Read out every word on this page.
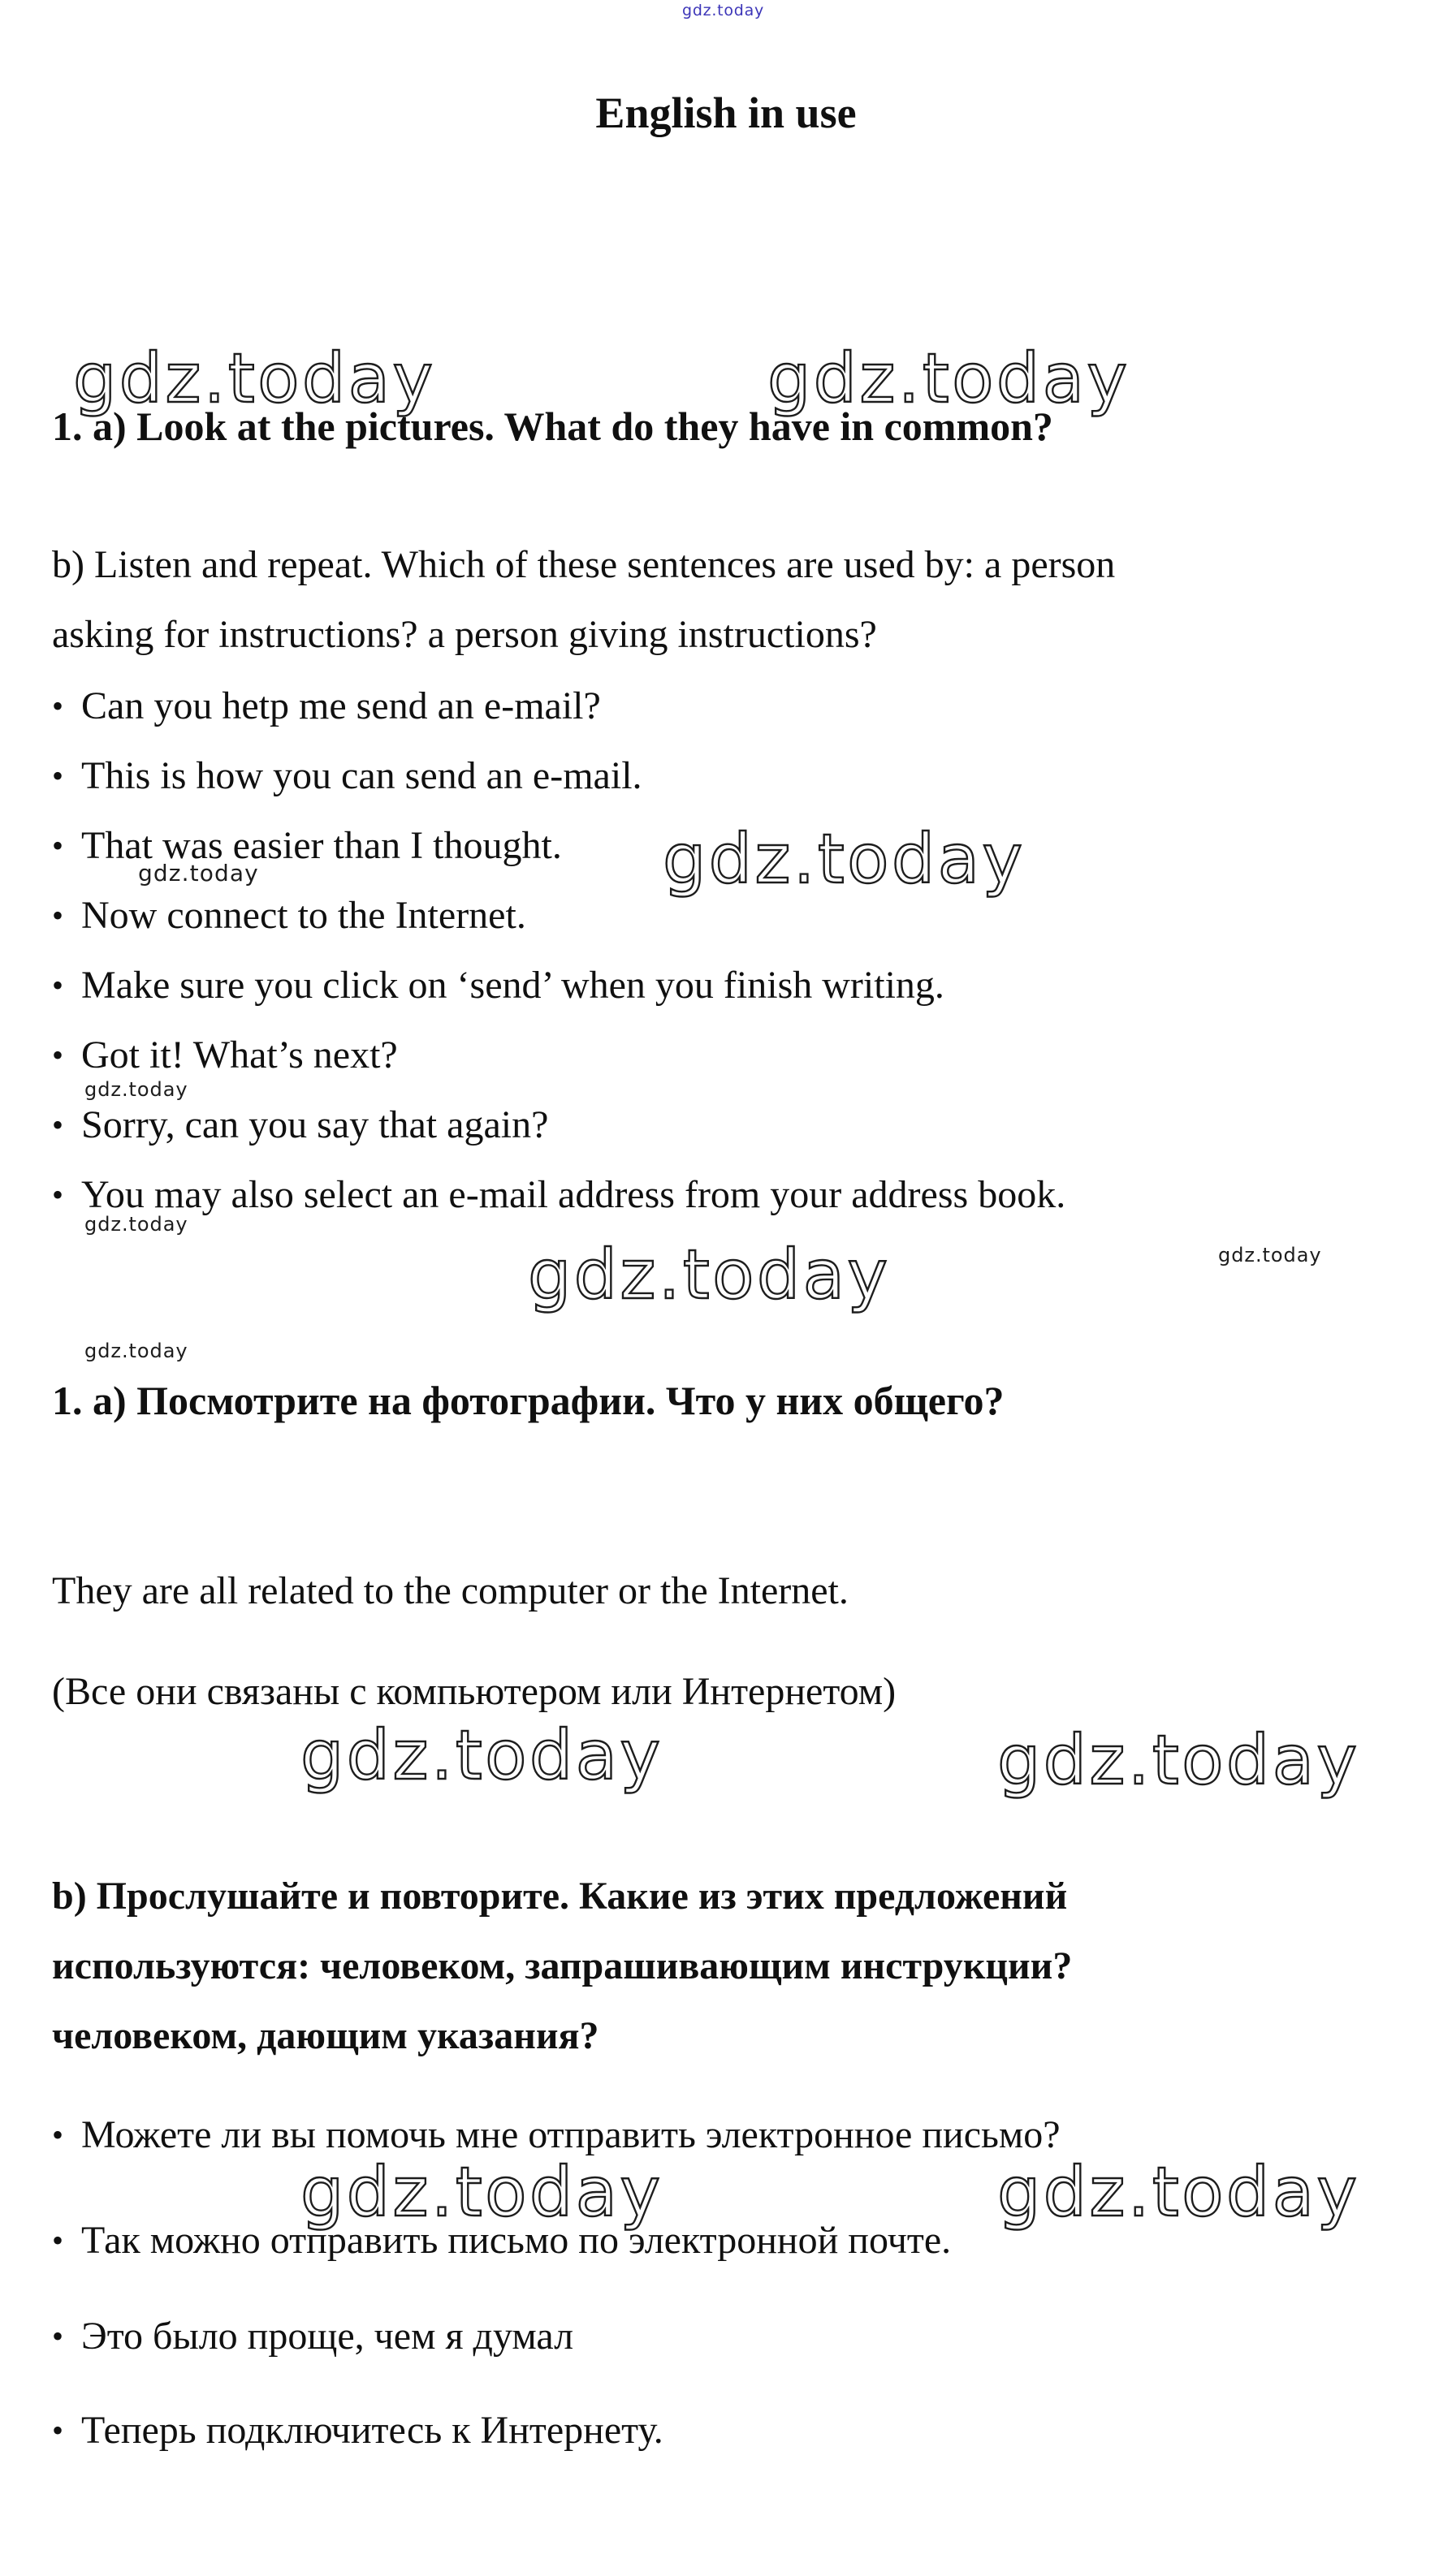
gdz.today
English in use
gdz.today	gdz.today
1. a) Look at the pictures. What do they have in common?
b) Listen and repeat. Which of these sentences are used by: a person
asking for instructions? a person giving instructions?
• Can you hetp me send an e-mail?
• This is how you can send an e-mail.
• That was easier than I thought.
• Now connect to the Internet.
• Make sure you click on ‘send’ when you finish writing.
• Got it! What’s next?
• Sorry, can you say that again?
• You may also select an e-mail address from your address book.
gdz.today
gdz.today
gdz.today
gdz.today
gdz.today	gdz.today
gdz.today
1. а) Посмотрите на фотографии. Что у них общего?
They are all related to the computer or the Internet.
(Все они связаны с компьютером или Интернетом)
gdz.today	gdz.today
b) Прослушайте и повторите. Какие из этих предложений
используются: человеком, запрашивающим инструкции?
человеком, дающим указания?
• Можете ли вы помочь мне отправить электронное письмо?
• Так можно отправить письмо по электронной почте.
• Это было проще, чем я думал
• Теперь подключитесь к Интернету.
gdz.today	gdz.today
